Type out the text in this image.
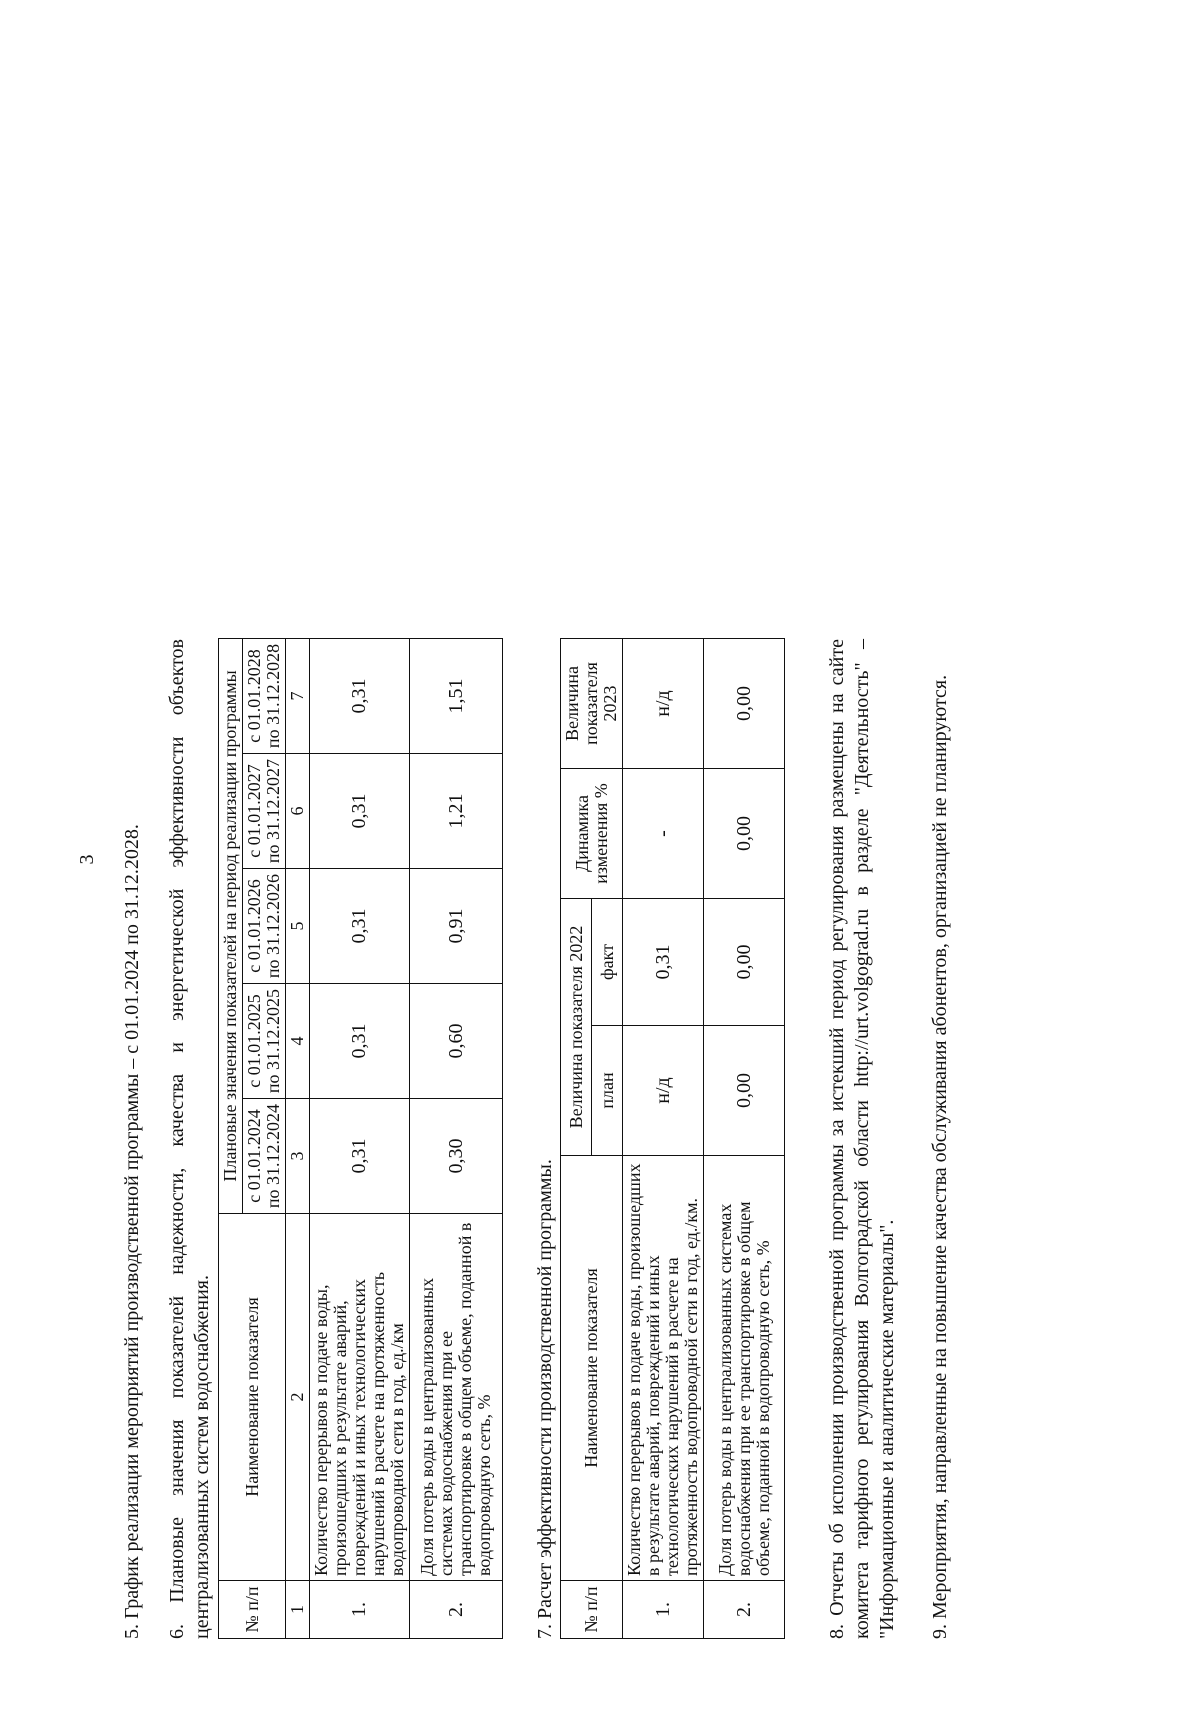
3 5. График реализации мероприятий производственной программы – с 01.01.2024 по 31.12.2028. 6. Плановые значения показателей надежности, качества и энергетической эффективности объектов централизованных систем водоснабжения. № п/п	Наименование показателя	Плановые значения показателей на период реализации программы				
		с 01.01.2024 по 31.12.2024	с 01.01.2025 по 31.12.2025	с 01.01.2026 по 31.12.2026	с 01.01.2027 по 31.12.2027	с 01.01.2028 по 31.12.2028
1	2	3	4	5	6	7
1.	Количество перерывов в подаче воды, произошедших в результате аварий, повреждений и иных технологических нарушений в расчете на протяженность водопроводной сети в год, ед./км	0,31	0,31	0,31	0,31	0,31
2.	Доля потерь воды в централизованных системах водоснабжения при ее транспортировке в общем объеме, поданной в водопроводную сеть, %	0,30	0,60	0,91	1,21	1,51

7. Расчет эффективности производственной программы. № п/п	Наименование показателя	Величина показателя 2022		Динамика изменения %	Величина показателя 2023
		план	факт		
1.	Количество перерывов в подаче воды, произошедших в результате аварий, повреждений и иных технологических нарушений в расчете на протяженность водопроводной сети в год, ед./км.	н/д	0,31	-	н/д
2.	Доля потерь воды в централизованных системах водоснабжения при ее транспортировке в общем объеме, поданной в водопроводную сеть, %	0,00	0,00	0,00	0,00	8. Отчеты об исполнении производственной программы за истекший период регулирования размещены на сайте комитета тарифного регулирования Волгоградской области http://urt.volgograd.ru в разделе "Деятельность" – "Информационные и аналитические материалы". 9. Мероприятия, направленные на повышение качества обслуживания абонентов, организацией не планируются.
